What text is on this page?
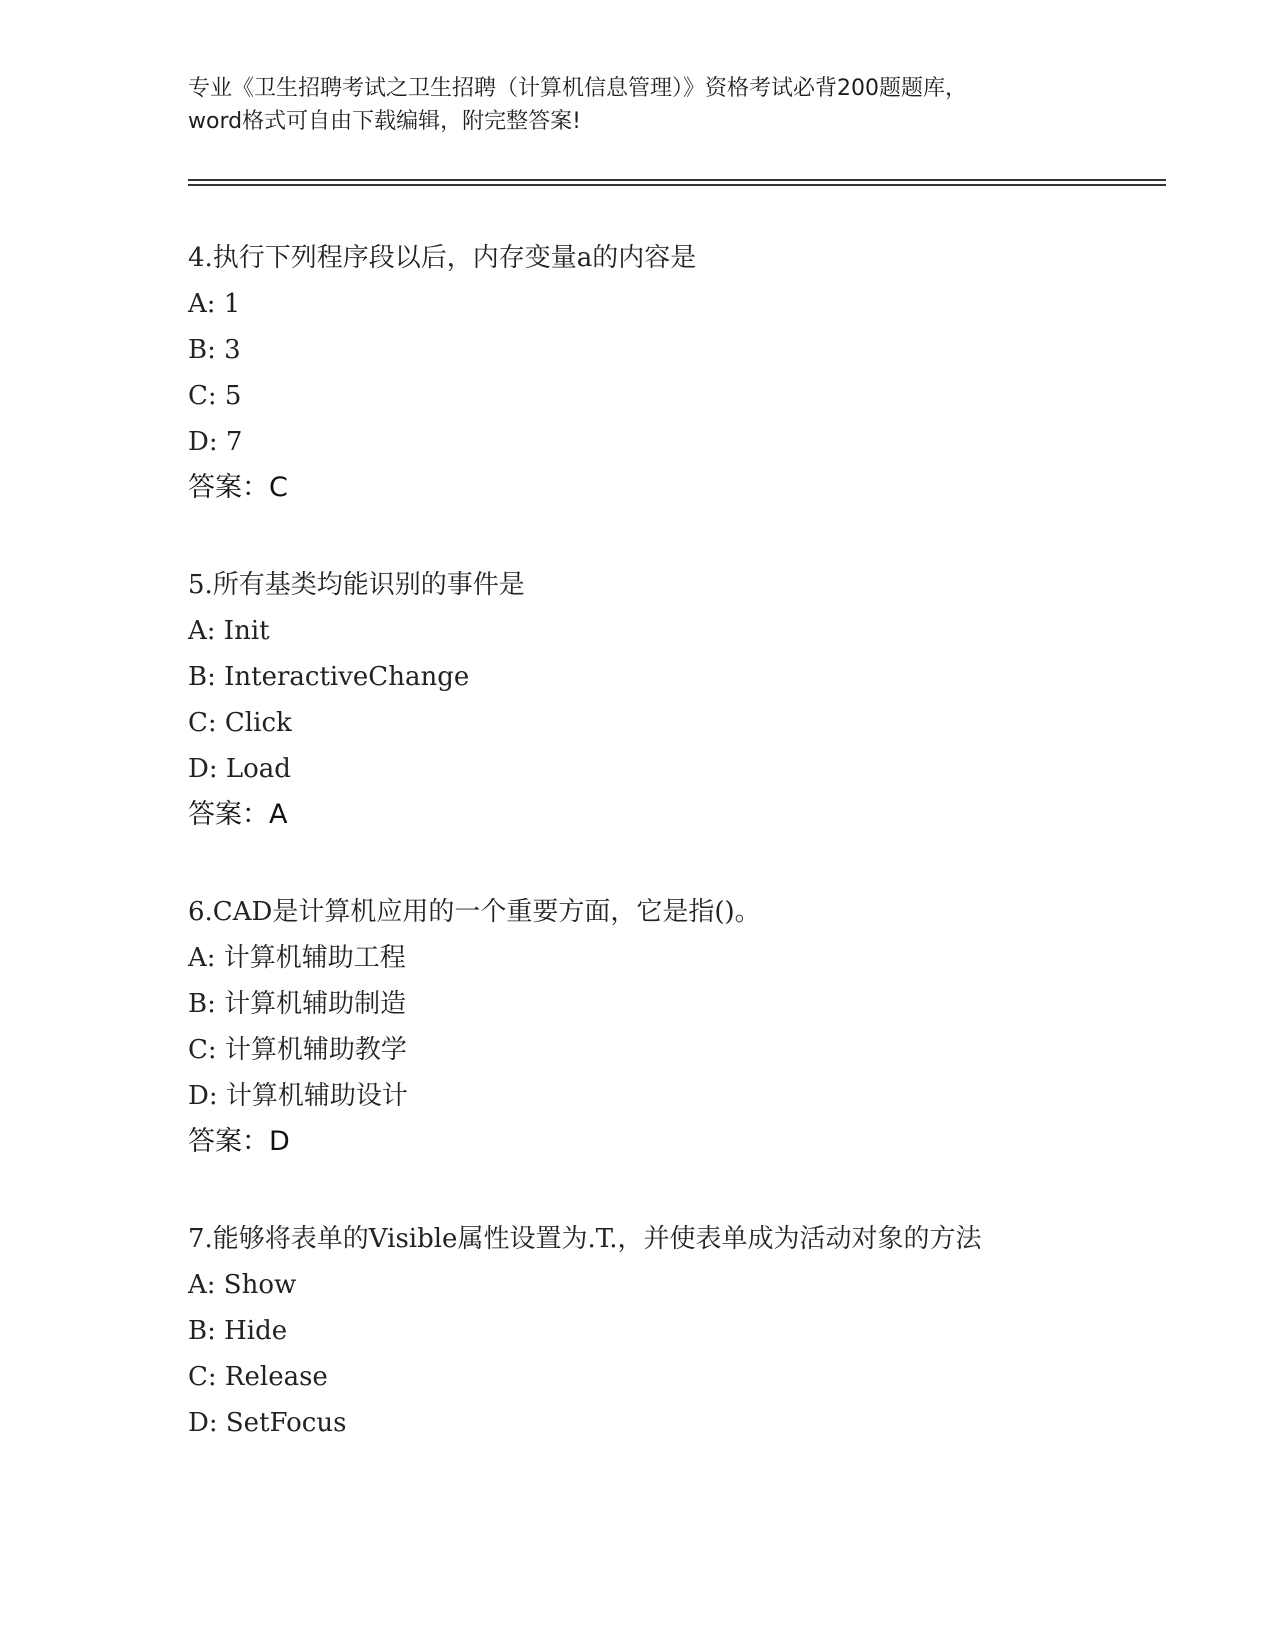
专业《卫生招聘考试之卫生招聘（计算机信息管理）》资格考试必背200题题库，
word格式可自由下载编辑，附完整答案!
4.执行下列程序段以后，内存变量a的内容是
A: 1
B: 3
C: 5
D: 7
答案：C
5.所有基类均能识别的事件是
A: Init
B: InteractiveChange
C: Click
D: Load
答案：A
6.CAD是计算机应用的一个重要方面，它是指()。
A: 计算机辅助工程
B: 计算机辅助制造
C: 计算机辅助教学
D: 计算机辅助设计
答案：D
7.能够将表单的Visible属性设置为.T.，并使表单成为活动对象的方法
A: Show
B: Hide
C: Release
D: SetFocus
